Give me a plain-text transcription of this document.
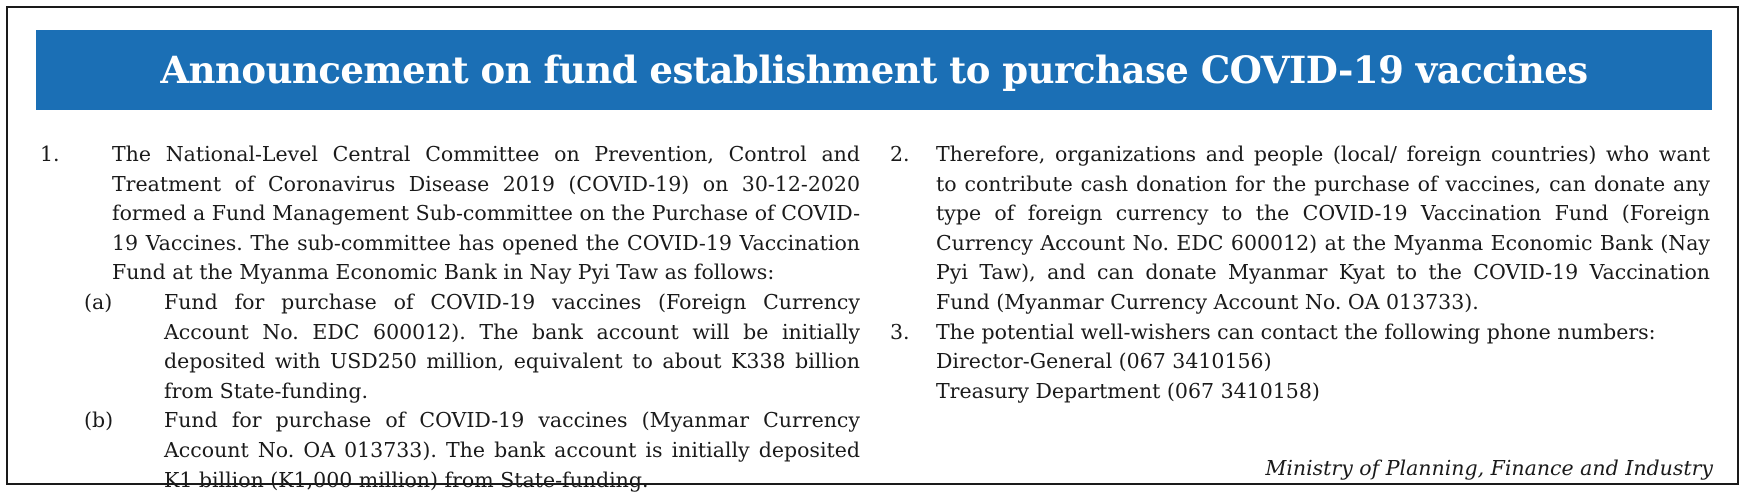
Announcement on fund establishment to purchase COVID-19 vaccines
1.	The National-Level Central Committee on Prevention, Control and Treatment of Coronavirus Disease 2019 (COVID-19) on 30-12-2020 formed a Fund Management Sub-committee on the Purchase of COVID-19 Vaccines. The sub-committee has opened the COVID-19 Vaccination Fund at the Myanma Economic Bank in Nay Pyi Taw as follows:
(a)	Fund for purchase of COVID-19 vaccines (Foreign Currency Account No. EDC 600012). The bank account will be initially deposited with USD250 million, equivalent to about K338 billion from State-funding.
(b) Fund for purchase of COVID-19 vaccines (Myanmar Currency Account No. OA 013733). The bank account is initially deposited K1 billion (K1,000 million) from State-funding.
2. Therefore, organizations and people (local/ foreign countries) who want to contribute cash donation for the purchase of vaccines, can donate any type of foreign currency to the COVID-19 Vaccination Fund (Foreign Currency Account No. EDC 600012) at the Myanma Economic Bank (Nay Pyi Taw), and can donate Myanmar Kyat to the COVID-19 Vaccination Fund (Myanmar Currency Account No. OA 013733).
3. The potential well-wishers can contact the following phone numbers:
Director-General (067 3410156)
Treasury Department (067 3410158)
Ministry of Planning, Finance and Industry
